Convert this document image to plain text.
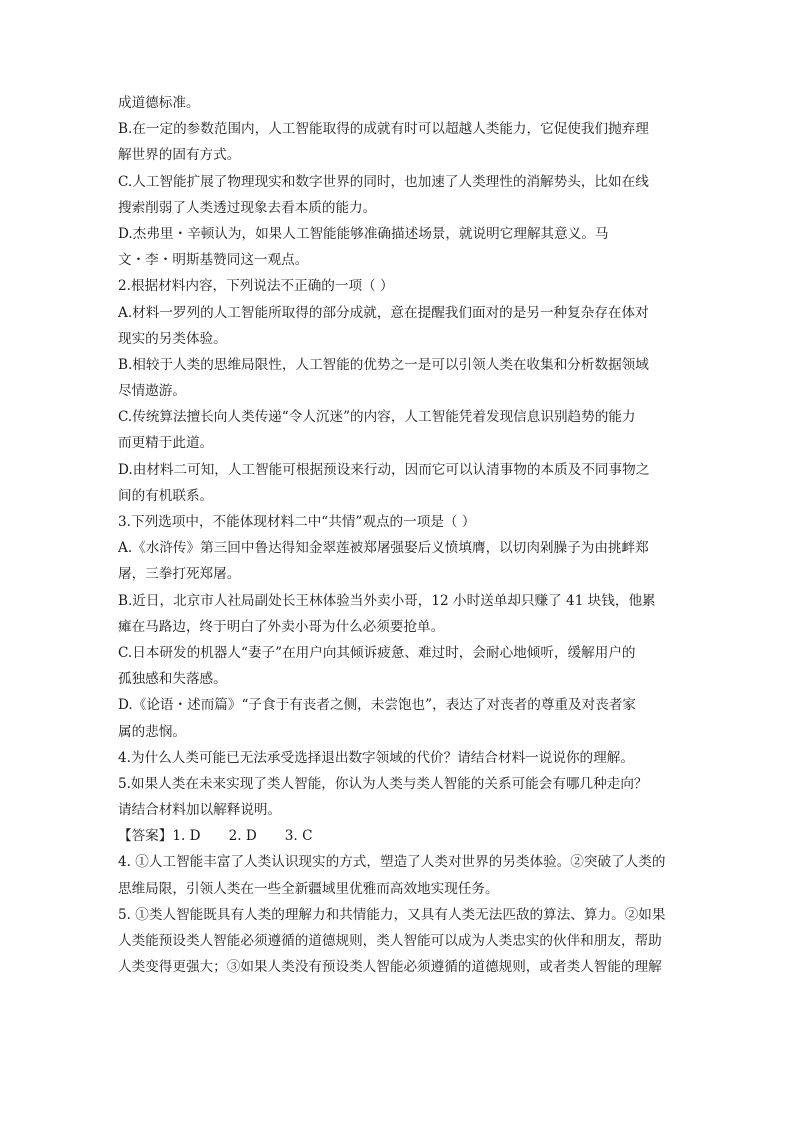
成道德标准。
B.在一定的参数范围内，人工智能取得的成就有时可以超越人类能力，它促使我们抛弃理
解世界的固有方式。
C.人工智能扩展了物理现实和数字世界的同时，也加速了人类理性的消解势头，比如在线
搜索削弱了人类透过现象去看本质的能力。
D.杰弗里・辛顿认为，如果人工智能能够准确描述场景，就说明它理解其意义。马
文・李・明斯基赞同这一观点。
2.根据材料内容，下列说法不正确的一项（ ）
A.材料一罗列的人工智能所取得的部分成就，意在提醒我们面对的是另一种复杂存在体对
现实的另类体验。
B.相较于人类的思维局限性，人工智能的优势之一是可以引领人类在收集和分析数据领域
尽情遨游。
C.传统算法擅长向人类传递“令人沉迷”的内容，人工智能凭着发现信息识别趋势的能力
而更精于此道。
D.由材料二可知，人工智能可根据预设来行动，因而它可以认清事物的本质及不同事物之
间的有机联系。
3.下列选项中，不能体现材料二中“共情”观点的一项是（ ）
A.《水浒传》第三回中鲁达得知金翠莲被郑屠强娶后义愤填膺，以切肉剁臊子为由挑衅郑
屠，三拳打死郑屠。
B.近日，北京市人社局副处长王林体验当外卖小哥，12 小时送单却只赚了 41 块钱，他累
瘫在马路边，终于明白了外卖小哥为什么必须要抢单。
C.日本研发的机器人“妻子”在用户向其倾诉疲惫、难过时，会耐心地倾听，缓解用户的
孤独感和失落感。
D.《论语・述而篇》“子食于有丧者之侧，未尝饱也”，表达了对丧者的尊重及对丧者家
属的悲悯。
4.为什么人类可能已无法承受选择退出数字领域的代价？请结合材料一说说你的理解。
5.如果人类在未来实现了类人智能，你认为人类与类人智能的关系可能会有哪几种走向？
请结合材料加以解释说明。
【答案】1. D 2. D 3. C
4. ①人工智能丰富了人类认识现实的方式，塑造了人类对世界的另类体验。②突破了人类的
思维局限，引领人类在一些全新疆域里优雅而高效地实现任务。
5. ①类人智能既具有人类的理解力和共情能力，又具有人类无法匹敌的算法、算力。②如果
人类能预设类人智能必须遵循的道德规则，类人智能可以成为人类忠实的伙伴和朋友，帮助
人类变得更强大；③如果人类没有预设类人智能必须遵循的道德规则，或者类人智能的理解
